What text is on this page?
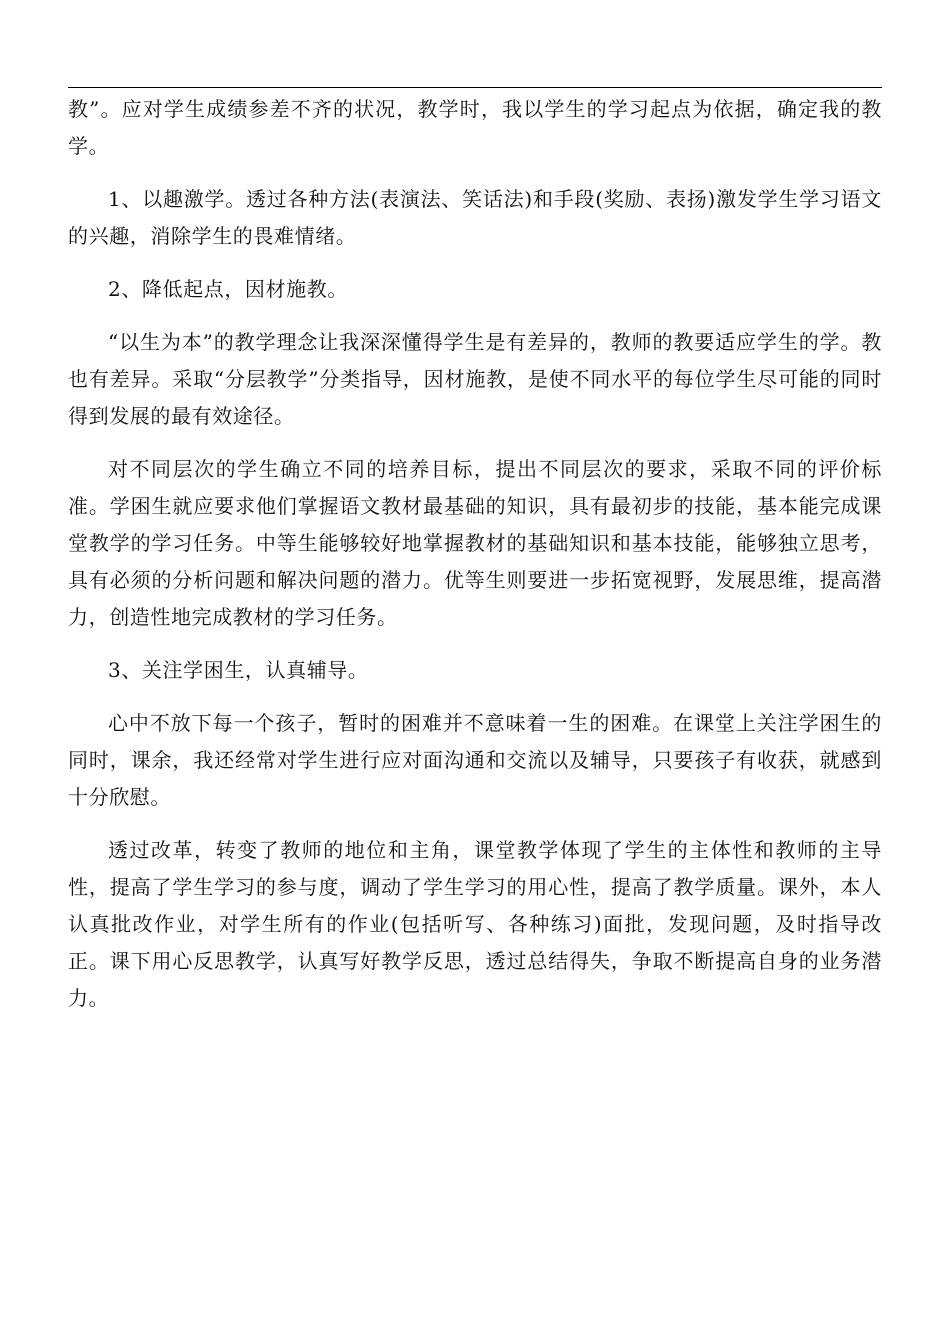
教”。应对学生成绩参差不齐的状况，教学时，我以学生的学习起点为依据，确定我的教学。

1、以趣激学。透过各种方法(表演法、笑话法)和手段(奖励、表扬)激发学生学习语文的兴趣，消除学生的畏难情绪。

2、降低起点，因材施教。

“以生为本”的教学理念让我深深懂得学生是有差异的，教师的教要适应学生的学。教也有差异。采取“分层教学”分类指导，因材施教，是使不同水平的每位学生尽可能的同时得到发展的最有效途径。

对不同层次的学生确立不同的培养目标，提出不同层次的要求，采取不同的评价标准。学困生就应要求他们掌握语文教材最基础的知识，具有最初步的技能，基本能完成课堂教学的学习任务。中等生能够较好地掌握教材的基础知识和基本技能，能够独立思考，具有必须的分析问题和解决问题的潜力。优等生则要进一步拓宽视野，发展思维，提高潜力，创造性地完成教材的学习任务。

3、关注学困生，认真辅导。

心中不放下每一个孩子，暂时的困难并不意味着一生的困难。在课堂上关注学困生的同时，课余，我还经常对学生进行应对面沟通和交流以及辅导，只要孩子有收获，就感到十分欣慰。

透过改革，转变了教师的地位和主角，课堂教学体现了学生的主体性和教师的主导性，提高了学生学习的参与度，调动了学生学习的用心性，提高了教学质量。课外，本人认真批改作业，对学生所有的作业(包括听写、各种练习)面批，发现问题，及时指导改正。课下用心反思教学，认真写好教学反思，透过总结得失，争取不断提高自身的业务潜力。
